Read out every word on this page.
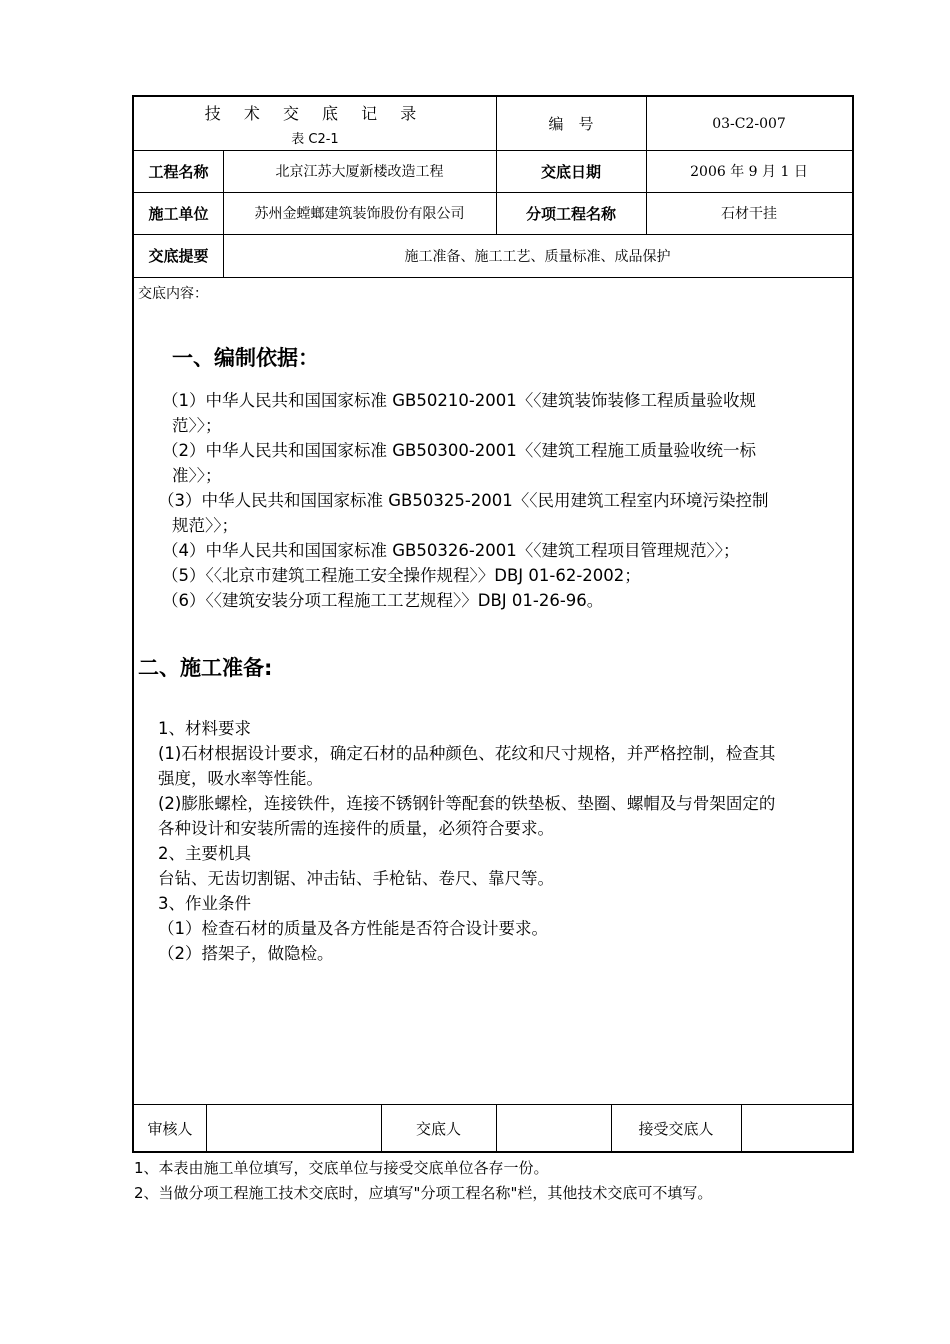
技 术 交 底 记 录
表 C2-1
编　号	03-C2-007
工程名称	北京江苏大厦新楼改造工程	交底日期	2006 年 9 月 1 日
施工单位	苏州金螳螂建筑装饰股份有限公司	分项工程名称	石材干挂
交底提要	施工准备、施工工艺、质量标准、成品保护
交底内容：
一、编制依据：
（1）中华人民共和国国家标准 GB50210-2001〈〈建筑装饰装修工程质量验收规
范〉〉；
（2）中华人民共和国国家标准 GB50300-2001〈〈建筑工程施工质量验收统一标
准〉〉；
（3）中华人民共和国国家标准 GB50325-2001〈〈民用建筑工程室内环境污染控制
规范〉〉；
（4）中华人民共和国国家标准 GB50326-2001〈〈建筑工程项目管理规范〉〉；
（5）〈〈北京市建筑工程施工安全操作规程〉〉DBJ 01-62-2002；
（6）〈〈建筑安装分项工程施工工艺规程〉〉DBJ 01-26-96。
二、施工准备:
1、材料要求
(1)石材根据设计要求，确定石材的品种颜色、花纹和尺寸规格，并严格控制，检查其
强度，吸水率等性能。
(2)膨胀螺栓，连接铁件，连接不锈钢针等配套的铁垫板、垫圈、螺帽及与骨架固定的
各种设计和安装所需的连接件的质量，必须符合要求。
2、主要机具
台钻、无齿切割锯、冲击钻、手枪钻、卷尺、靠尺等。
3、作业条件
（1）检查石材的质量及各方性能是否符合设计要求。
（2）搭架子，做隐检。
审核人	交底人	接受交底人
1、本表由施工单位填写，交底单位与接受交底单位各存一份。
2、当做分项工程施工技术交底时，应填写"分项工程名称"栏，其他技术交底可不填写。
